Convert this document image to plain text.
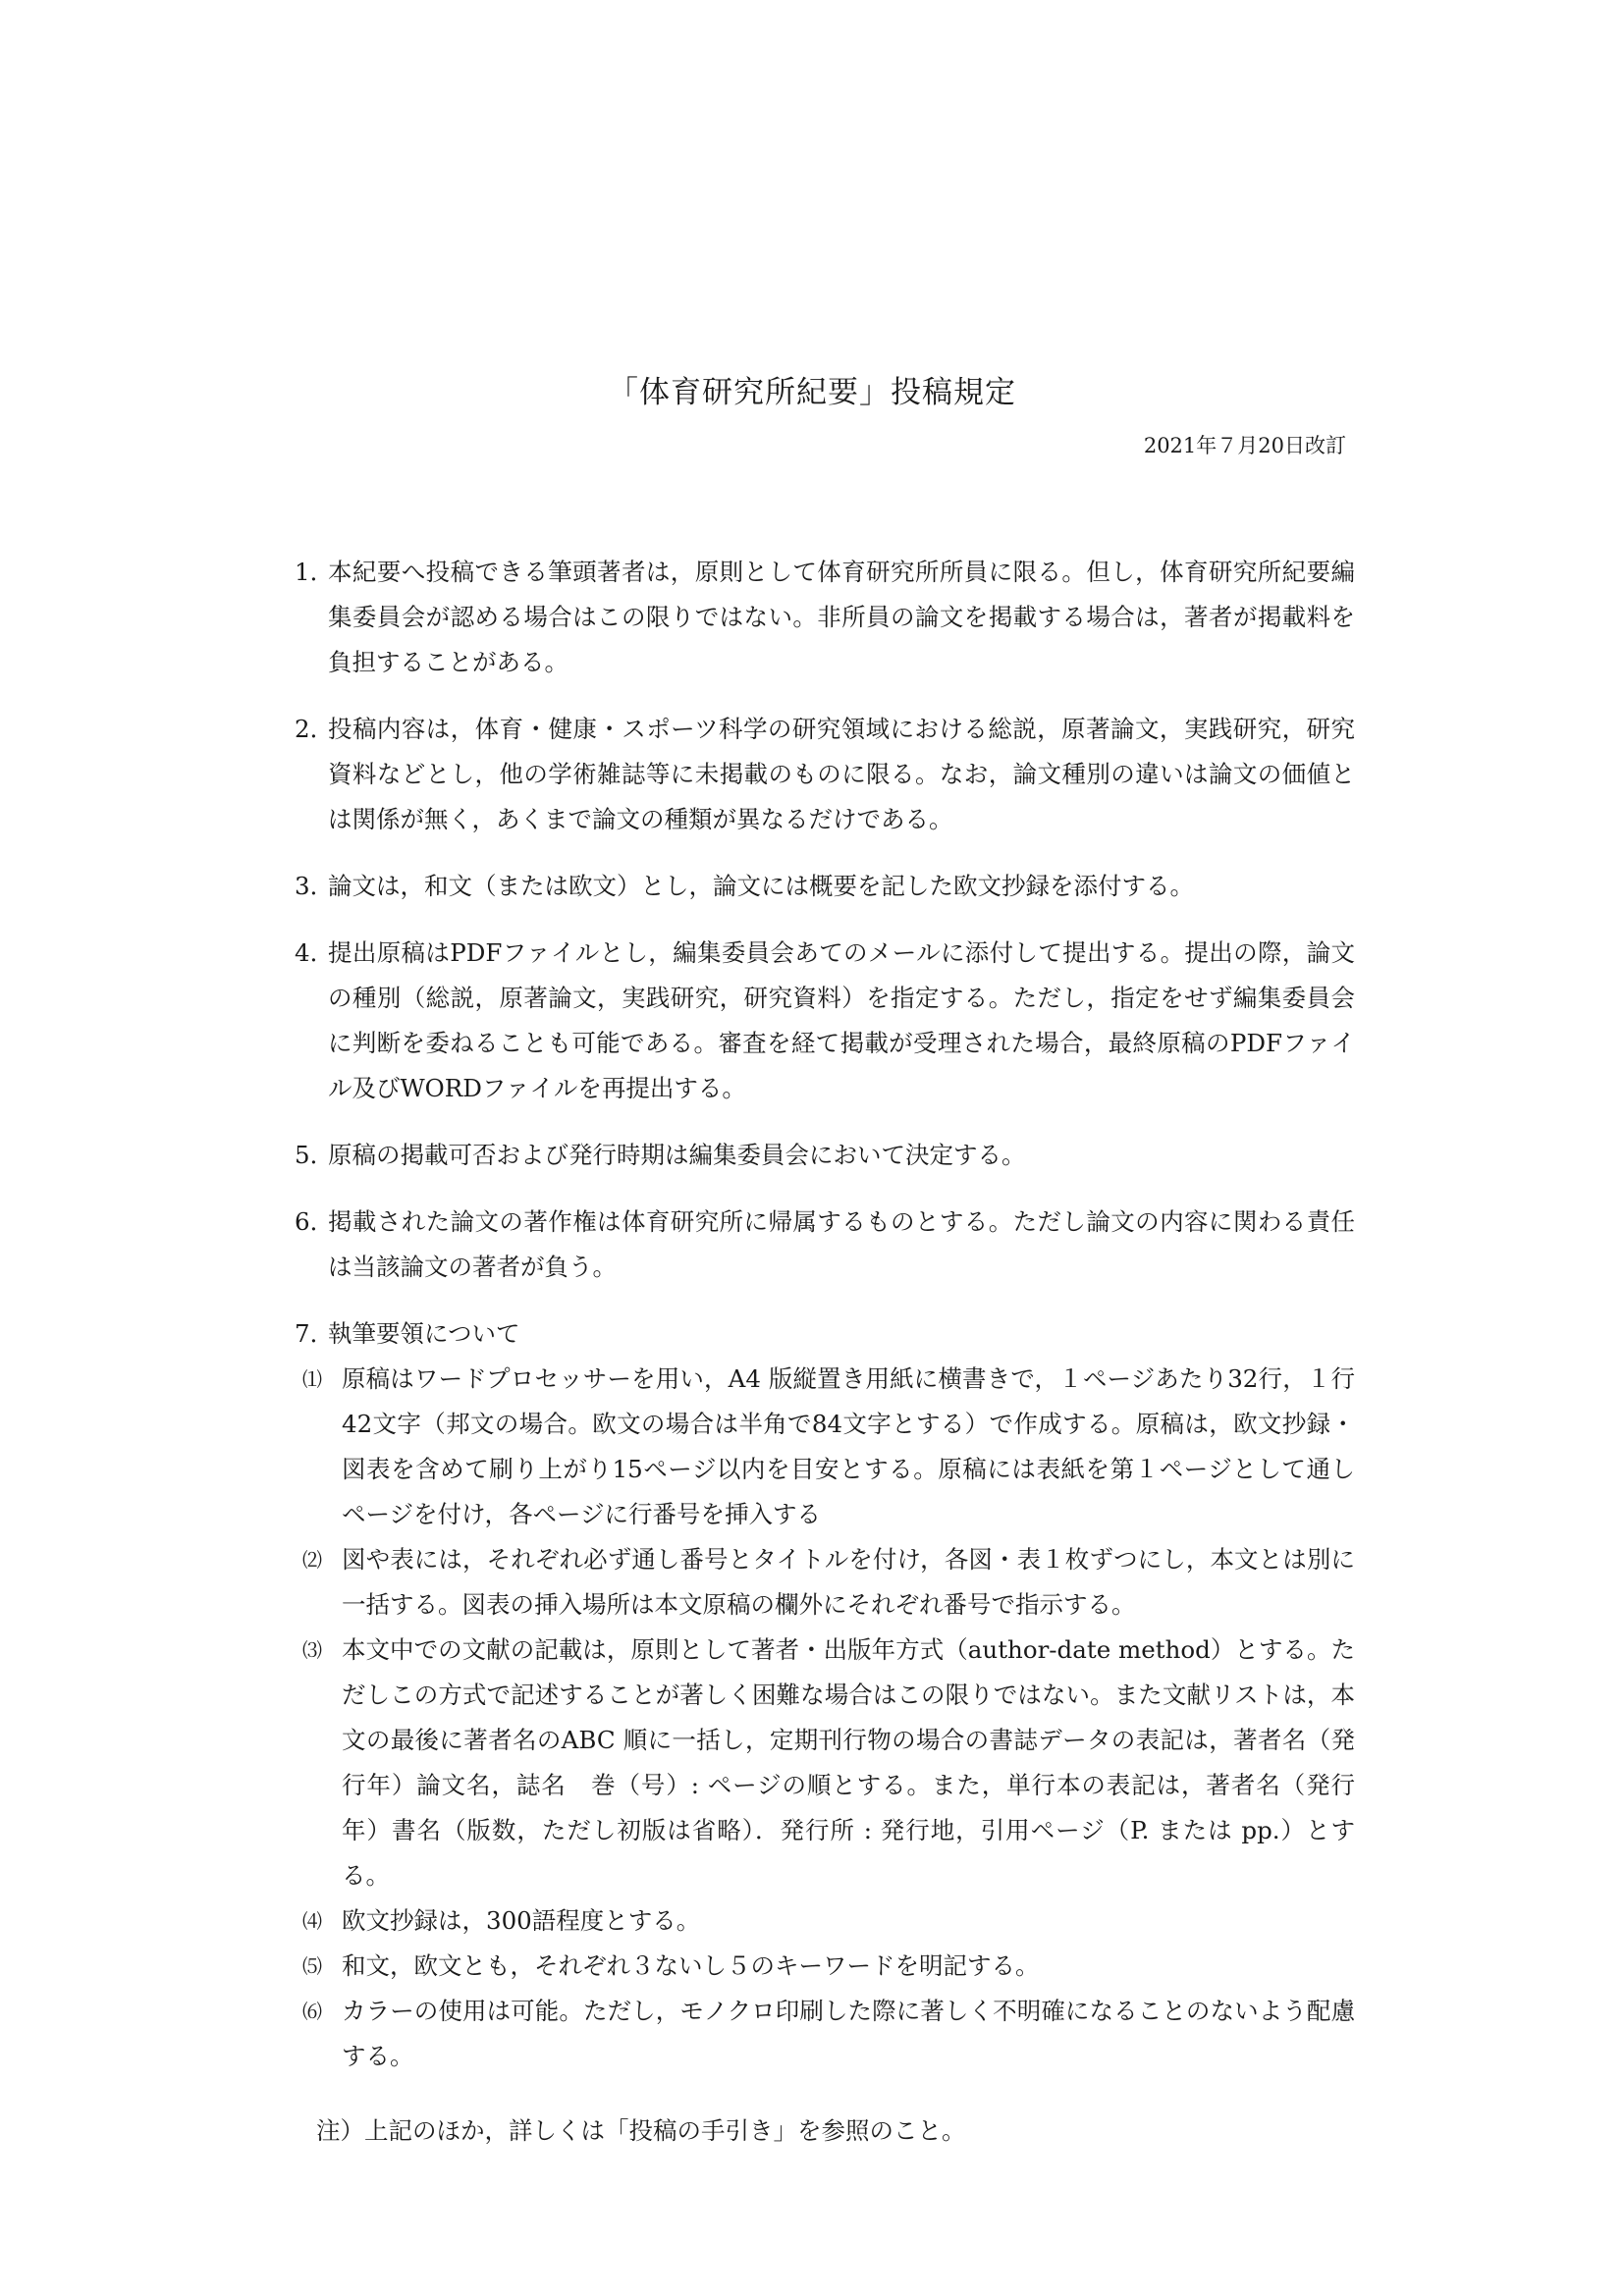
「体育研究所紀要」投稿規定
2021年７月20日改訂
1．
本紀要へ投稿できる筆頭著者は，原則として体育研究所所員に限る。但し，体育研究所紀要編集委員会が認める場合はこの限りではない。非所員の論文を掲載する場合は，著者が掲載料を負担することがある。
2．
投稿内容は，体育・健康・スポーツ科学の研究領域における総説，原著論文，実践研究，研究資料などとし，他の学術雑誌等に未掲載のものに限る。なお，論文種別の違いは論文の価値とは関係が無く，あくまで論文の種類が異なるだけである。
3．
論文は，和文（または欧文）とし，論文には概要を記した欧文抄録を添付する。
4．
提出原稿はPDFファイルとし，編集委員会あてのメールに添付して提出する。提出の際，論文の種別（総説，原著論文，実践研究，研究資料）を指定する。ただし，指定をせず編集委員会に判断を委ねることも可能である。審査を経て掲載が受理された場合，最終原稿のPDFファイル及びWORDファイルを再提出する。
5．
原稿の掲載可否および発行時期は編集委員会において決定する。
6．
掲載された論文の著作権は体育研究所に帰属するものとする。ただし論文の内容に関わる責任は当該論文の著者が負う。
7．
執筆要領について
⑴ 原稿はワードプロセッサーを用い，A4 版縦置き用紙に横書きで，１ページあたり32行，１行42文字（邦文の場合。欧文の場合は半角で84文字とする）で作成する。原稿は，欧文抄録・図表を含めて刷り上がり15ページ以内を目安とする。原稿には表紙を第１ページとして通しページを付け，各ページに行番号を挿入する
⑵ 図や表には，それぞれ必ず通し番号とタイトルを付け，各図・表１枚ずつにし，本文とは別に一括する。図表の挿入場所は本文原稿の欄外にそれぞれ番号で指示する。
⑶ 本文中での文献の記載は，原則として著者・出版年方式（author-date method）とする。ただしこの方式で記述することが著しく困難な場合はこの限りではない。また文献リストは，本文の最後に著者名のABC 順に一括し，定期刊行物の場合の書誌データの表記は，著者名（発行年）論文名，誌名　巻（号）: ページの順とする。また，単行本の表記は，著者名（発行年）書名（版数，ただし初版は省略）．発行所 : 発行地，引用ページ（P. または pp.）とする。
⑷ 欧文抄録は，300語程度とする。
⑸ 和文，欧文とも，それぞれ３ないし５のキーワードを明記する。
⑹ カラーの使用は可能。ただし，モノクロ印刷した際に著しく不明確になることのないよう配慮する。
注）上記のほか，詳しくは「投稿の手引き」を参照のこと。
